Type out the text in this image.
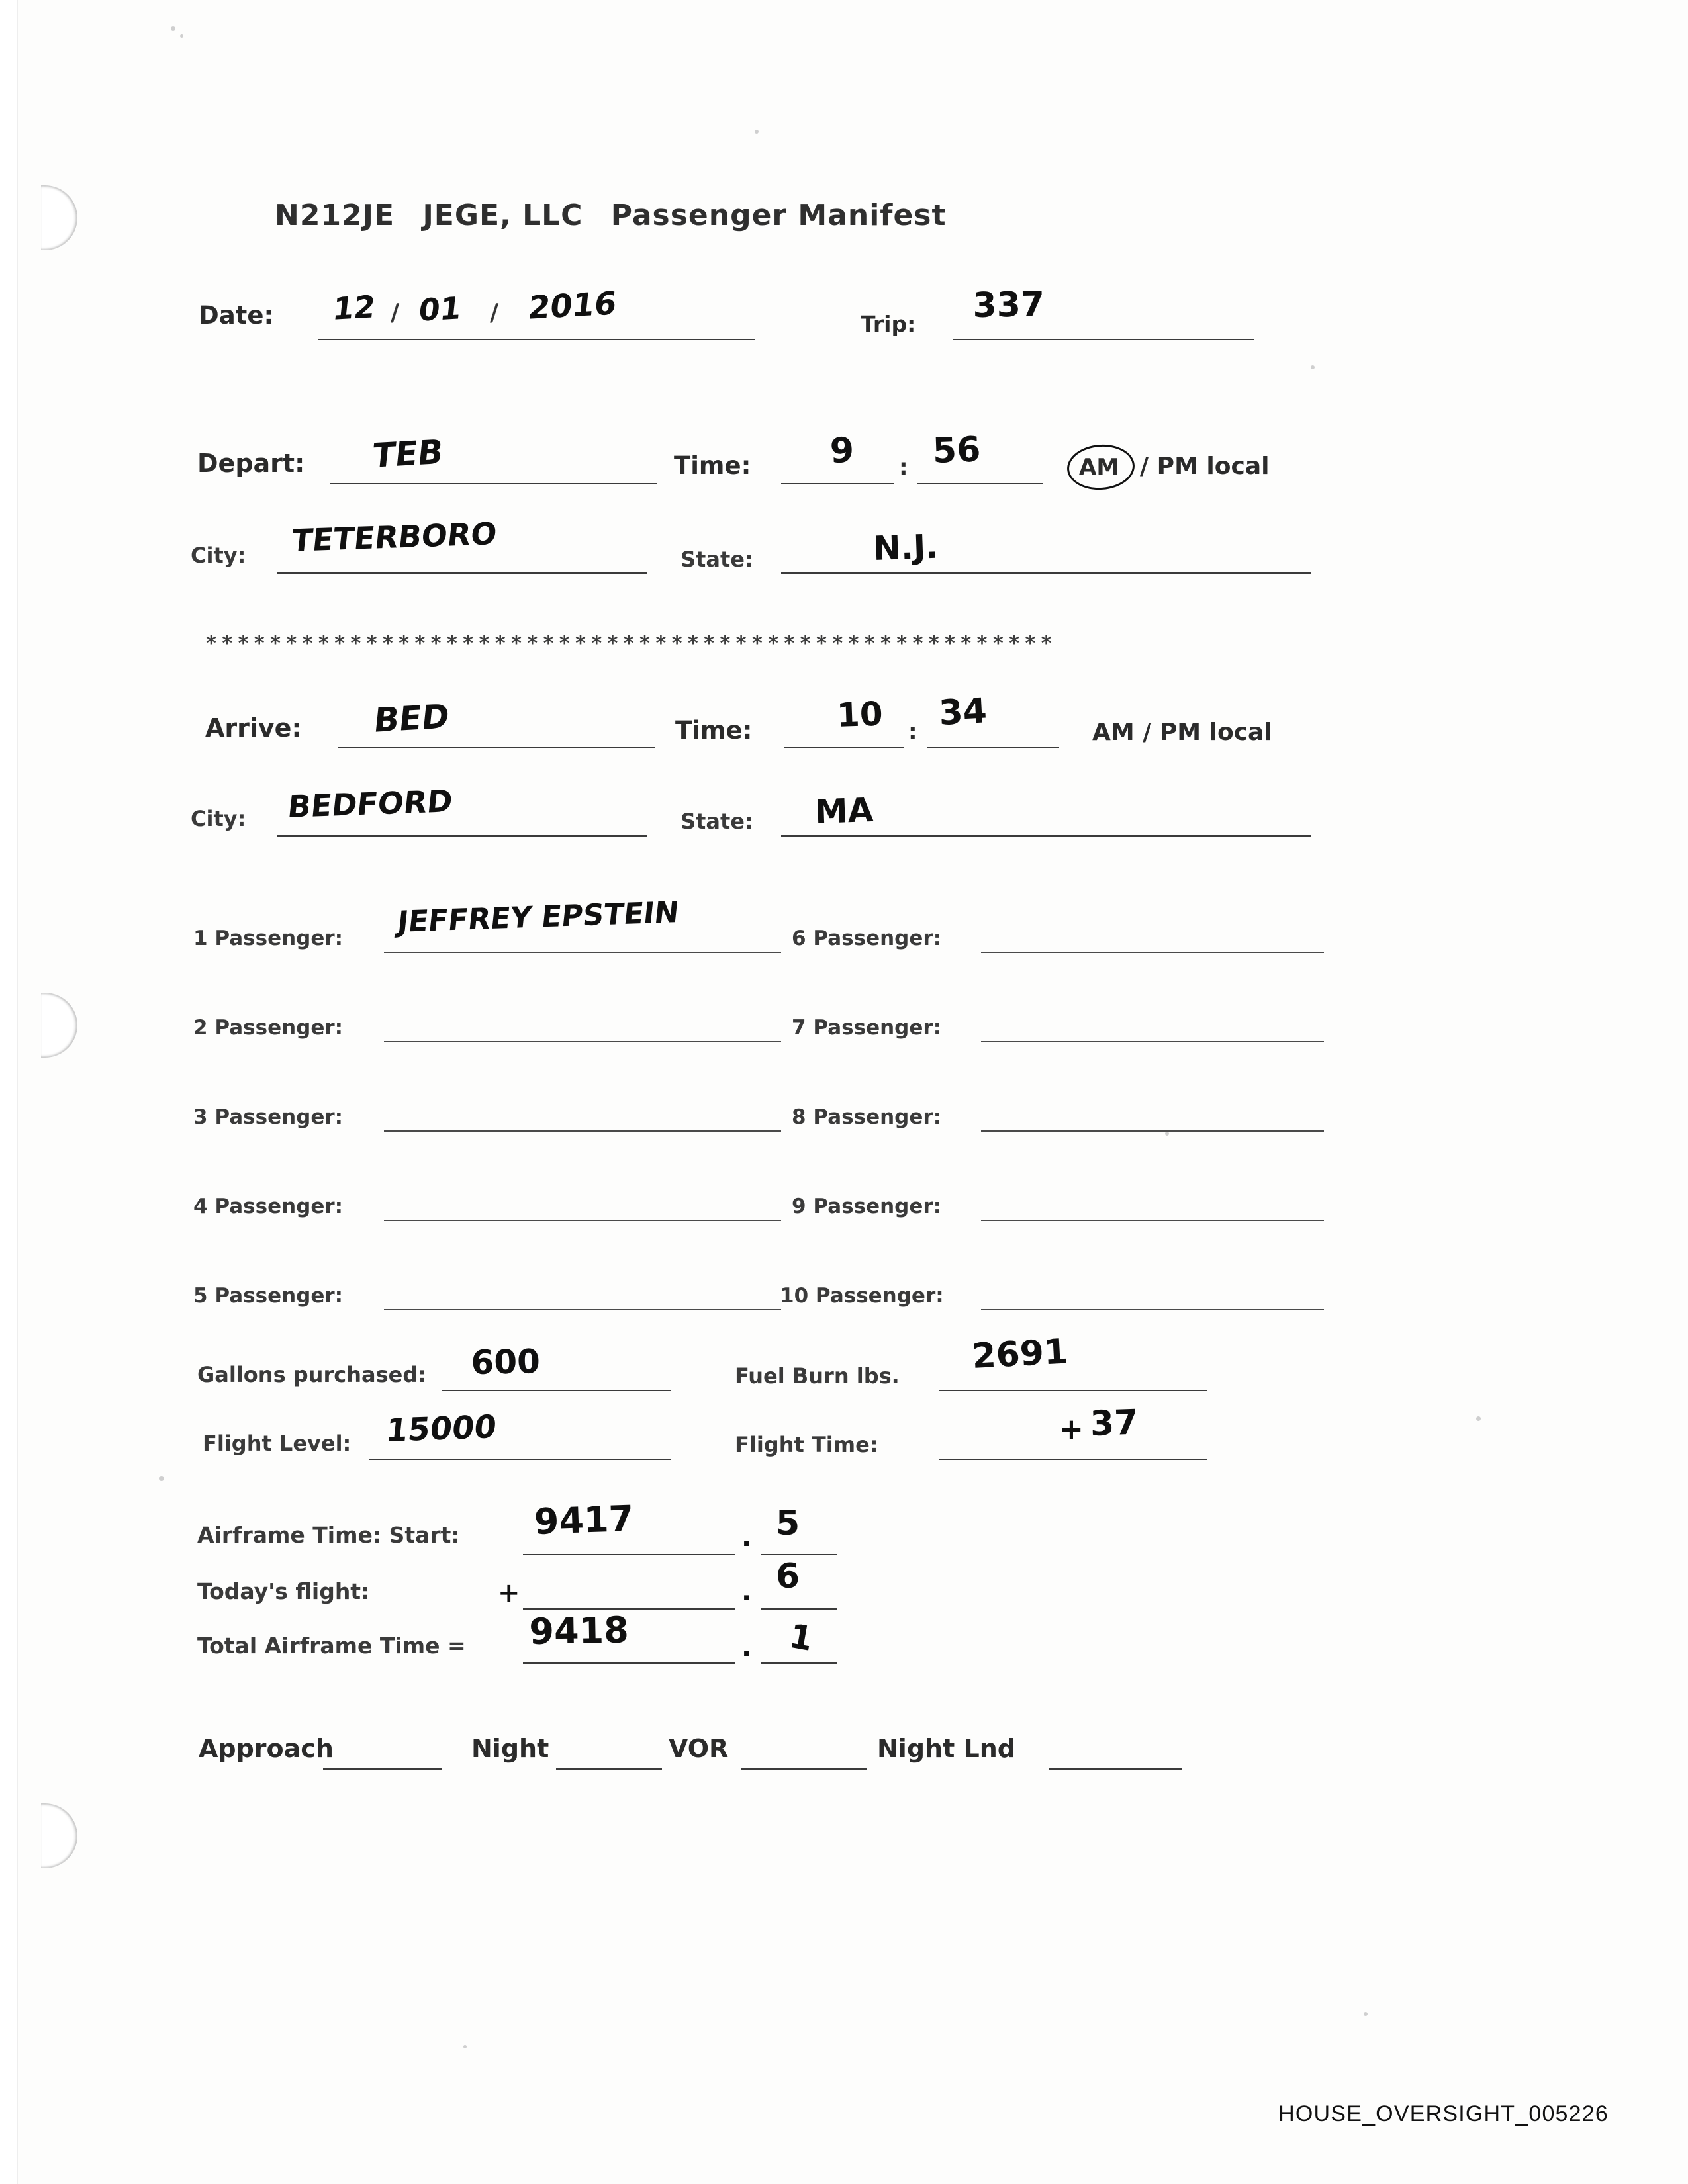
N212JE JEGE, LLC Passenger Manifest
Date: 12 / 01 / 2016	Trip: 337
Depart: TEB	Time: 9 : 56	AM / PM local
City: TETERBORO
State:	N.J.
*****************************************************
Arrive: BED	Time:	10 : 34	AM / PM local
City: BEDFORD	State: MA
1 Passenger: JEFFREY EPSTEIN	6 Passenger:
2 Passenger:	7 Passenger:
3 Passenger:	8 Passenger:
4 Passenger:	9 Passenger:
5 Passenger:	10 Passenger:
Gallons purchased: 600	Fuel Burn lbs. 2691
Flight Level: 15000	Flight Time:	+ 37
Airframe Time: Start: 9417	. 5
Today's flight:	+	. 6
Total Airframe Time = 9418	. 1
Approach	Night	VOR	Night Lnd
HOUSE_OVERSIGHT_005226
